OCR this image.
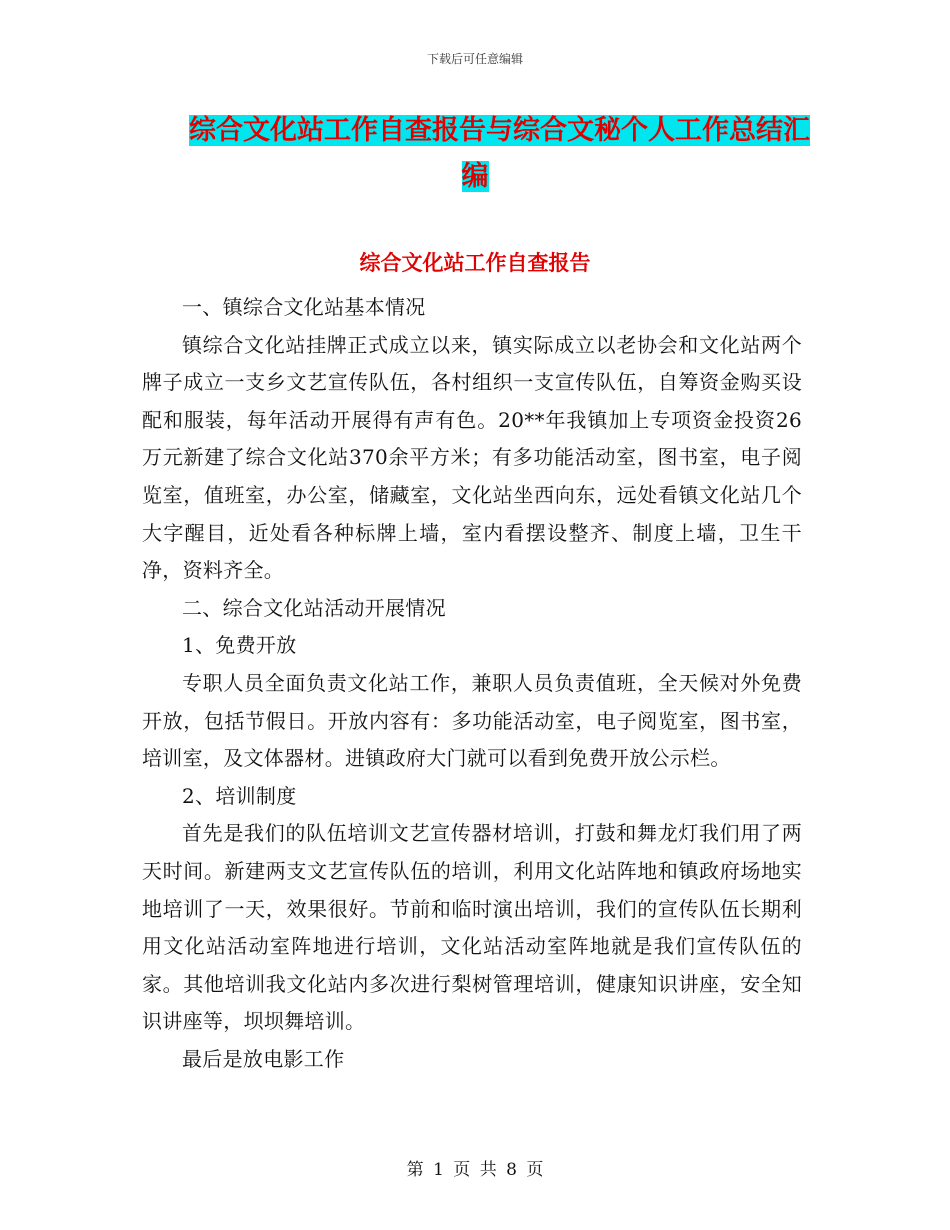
下载后可任意编辑
综合文化站工作自查报告与综合文秘个人工作总结汇
编
综合文化站工作自查报告

一、镇综合文化站基本情况

镇综合文化站挂牌正式成立以来，镇实际成立以老协会和文化站两个牌子成立一支乡文艺宣传队伍，各村组织一支宣传队伍，自筹资金购买设配和服装，每年活动开展得有声有色。20**年我镇加上专项资金投资26万元新建了综合文化站370余平方米；有多功能活动室，图书室，电子阅览室，值班室，办公室，储藏室，文化站坐西向东，远处看镇文化站几个大字醒目，近处看各种标牌上墙，室内看摆设整齐、制度上墙，卫生干净，资料齐全。

二、综合文化站活动开展情况

1、免费开放

专职人员全面负责文化站工作，兼职人员负责值班，全天候对外免费开放，包括节假日。开放内容有：多功能活动室，电子阅览室，图书室，培训室，及文体器材。进镇政府大门就可以看到免费开放公示栏。

2、培训制度

首先是我们的队伍培训文艺宣传器材培训，打鼓和舞龙灯我们用了两天时间。新建两支文艺宣传队伍的培训，利用文化站阵地和镇政府场地实地培训了一天，效果很好。节前和临时演出培训，我们的宣传队伍长期利用文化站活动室阵地进行培训，文化站活动室阵地就是我们宣传队伍的家。其他培训我文化站内多次进行梨树管理培训，健康知识讲座，安全知识讲座等，坝坝舞培训。

最后是放电影工作

第 1 页 共 8 页
